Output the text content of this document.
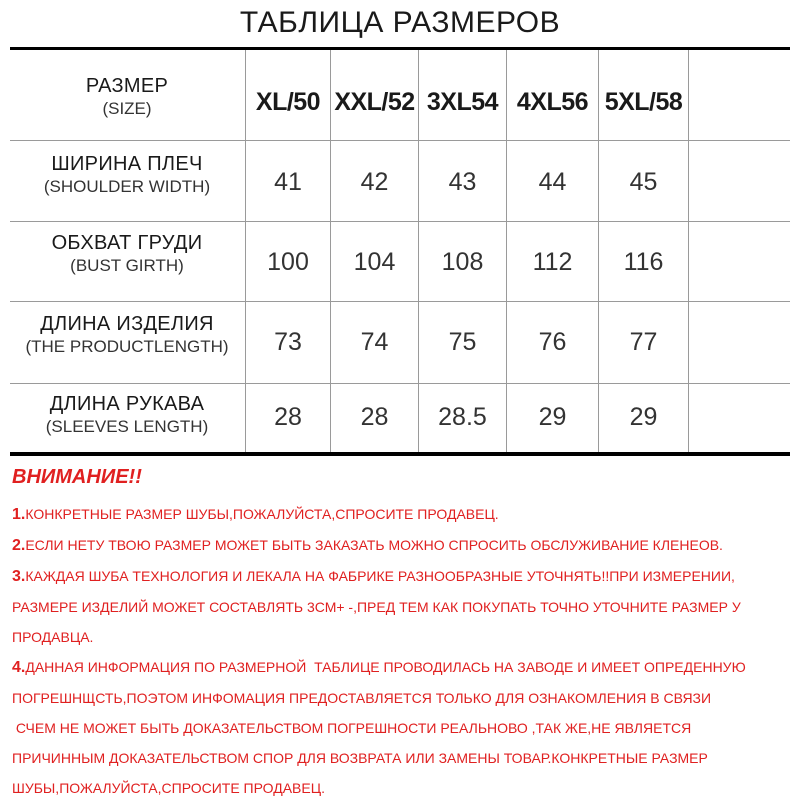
ТАБЛИЦА РАЗМЕРОВ
РАЗМЕР
(SIZE)	XL/50 XXL/52 3XL54 4XL56 5XL/58
ШИРИНА ПЛЕЧ
(SHOULDER WIDTH)	41	42	43	44	45
ОБХВАТ ГРУДИ
(BUST GIRTH)	100	104	108	112	116
ДЛИНА ИЗДЕЛИЯ
(THE PRODUCTLENGTH)	73	74	75	76	77
ДЛИНА РУКАВА
(SLEEVES LENGTH)	28	28	28.5	29	29
ВНИМАНИЕ!!
1.КОНКРЕТНЫЕ РАЗМЕР ШУБЫ,ПОЖАЛУЙСТА,СПРОСИТЕ ПРОДАВЕЦ.
2.ЕСЛИ НЕТУ ТВОЮ РАЗМЕР МОЖЕТ БЫТЬ ЗАКАЗАТЬ МОЖНО СПРОСИТЬ ОБСЛУЖИВАНИЕ КЛЕНЕОВ.
3.КАЖДАЯ ШУБА ТЕХНОЛОГИЯ И ЛЕКАЛА НА ФАБРИКЕ РАЗНООБРАЗНЫЕ УТОЧНЯТЬ!!ПРИ ИЗМЕРЕНИИ,
РАЗМЕРЕ ИЗДЕЛИЙ МОЖЕТ СОСТАВЛЯТЬ 3СМ+ -,ПРЕД ТЕМ КАК ПОКУПАТЬ ТОЧНО УТОЧНИТЕ РАЗМЕР У
ПРОДАВЦА.
4.ДАННАЯ ИНФОРМАЦИЯ ПО РАЗМЕРНОЙ  ТАБЛИЦЕ ПРОВОДИЛАСЬ НА ЗАВОДЕ И ИМЕЕТ ОПРЕДЕННУЮ
ПОГРЕШНЩСТЬ,ПОЭТОМ ИНФОМАЦИЯ ПРЕДОСТАВЛЯЕТСЯ ТОЛЬКО ДЛЯ ОЗНАКОМЛЕНИЯ В СВЯЗИ
СЧЕМ НЕ МОЖЕТ БЫТЬ ДОКАЗАТЕЛЬСТВОМ ПОГРЕШНОСТИ РЕАЛЬНОВО ,ТАК ЖЕ,НЕ ЯВЛЯЕТСЯ
ПРИЧИННЫМ ДОКАЗАТЕЛЬСТВОМ СПОР ДЛЯ ВОЗВРАТА ИЛИ ЗАМЕНЫ ТОВАР.КОНКРЕТНЫЕ РАЗМЕР
ШУБЫ,ПОЖАЛУЙСТА,СПРОСИТЕ ПРОДАВЕЦ.
